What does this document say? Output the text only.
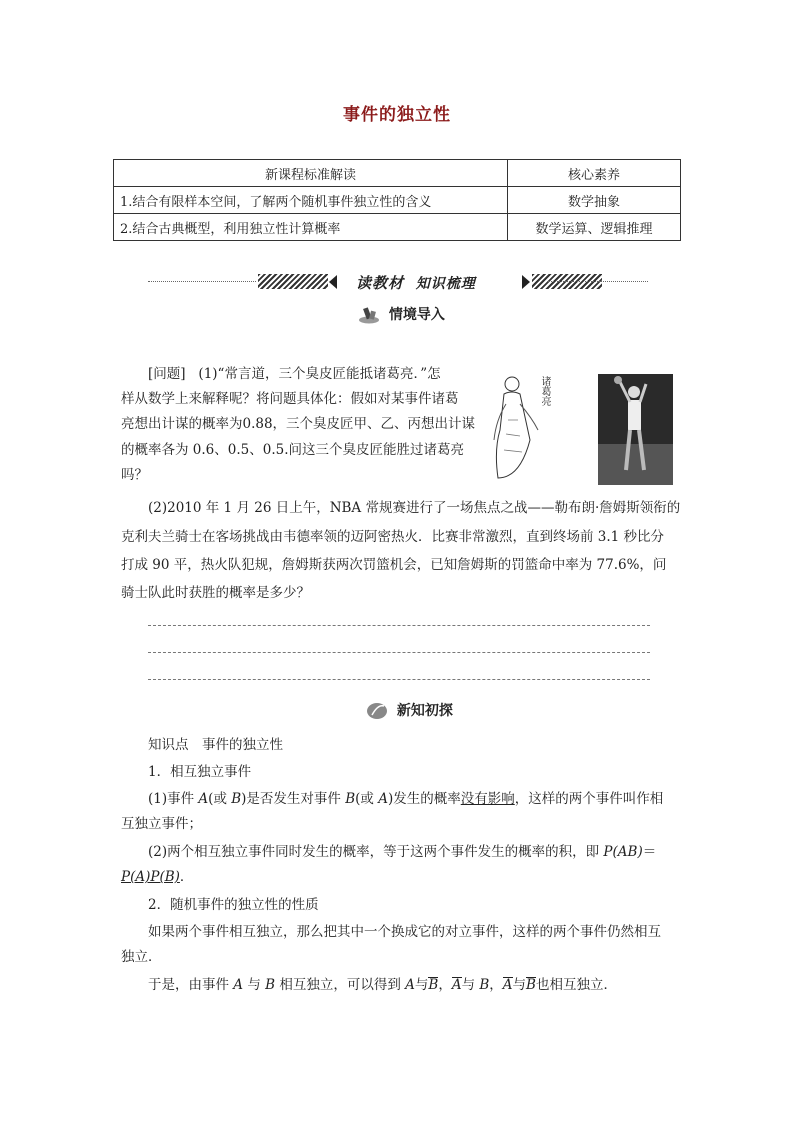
事件的独立性
新课程标准解读	核心素养
1.结合有限样本空间，了解两个随机事件独立性的含义	数学抽象
2.结合古典概型，利用独立性计算概率	数学运算、逻辑推理
读教材 知识梳理
情境导入

[问题] (1)“常言道，三个臭皮匠能抵诸葛亮．”怎

样从数学上来解释呢？将问题具体化：假如对某事件诸葛

亮想出计谋的概率为0.88，三个臭皮匠甲、乙、丙想出计谋

的概率各为 0.6、0.5、0.5.问这三个臭皮匠能胜过诸葛亮

吗？

诸葛亮

(2)2010 年 1 月 26 日上午，NBA 常规赛进行了一场焦点之战——勒布朗·詹姆斯领衔的

克利夫兰骑士在客场挑战由韦德率领的迈阿密热火．比赛非常激烈，直到终场前 3.1 秒比分

打成 90 平，热火队犯规，詹姆斯获两次罚篮机会，已知詹姆斯的罚篮命中率为 77.6%，问

骑士队此时获胜的概率是多少？

新知初探

知识点　事件的独立性

1．相互独立事件

(1)事件 A(或 B)是否发生对事件 B(或 A)发生的概率没有影响，这样的两个事件叫作相

互独立事件；

(2)两个相互独立事件同时发生的概率，等于这两个事件发生的概率的积，即 P(AB)＝

P(A)P(B)．

2．随机事件的独立性的性质

如果两个事件相互独立，那么把其中一个换成它的对立事件，这样的两个事件仍然相互

独立．

于是，由事件 A 与 B 相互独立，可以得到 A与B，A与 B，A与B也相互独立．
